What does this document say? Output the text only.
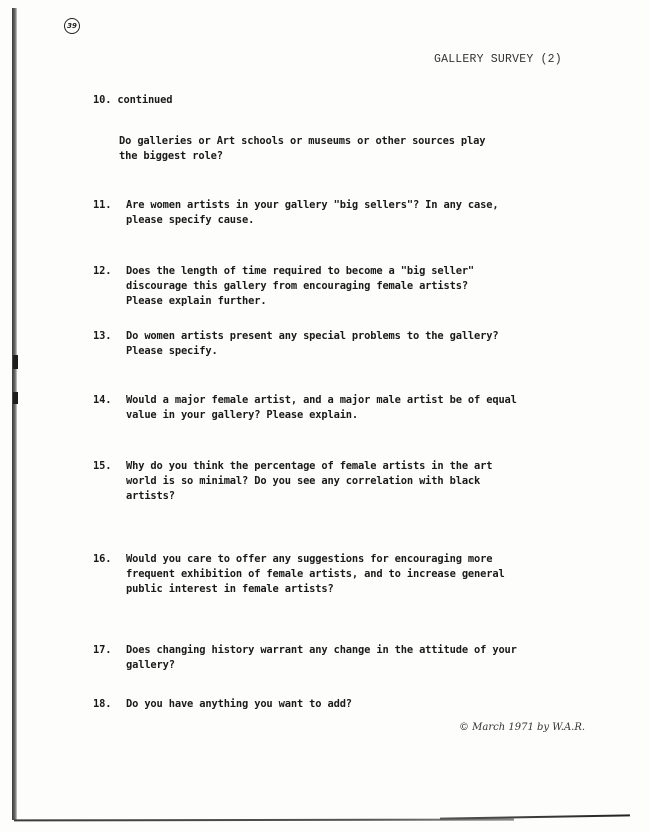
39
GALLERY SURVEY (2)
10. continued
Do galleries or Art schools or museums or other sources play
the biggest role?
11. Are women artists in your gallery "big sellers"? In any case,
please specify cause.
12. Does the length of time required to become a "big seller"
discourage this gallery from encouraging female artists?
Please explain further.
13. Do women artists present any special problems to the gallery?
Please specify.
14. Would a major female artist, and a major male artist be of equal
value in your gallery? Please explain.
15. Why do you think the percentage of female artists in the art
world is so minimal? Do you see any correlation with black
artists?
16. Would you care to offer any suggestions for encouraging more
frequent exhibition of female artists, and to increase general
public interest in female artists?
17. Does changing history warrant any change in the attitude of your
gallery?
18. Do you have anything you want to add?
© March 1971 by W.A.R.
